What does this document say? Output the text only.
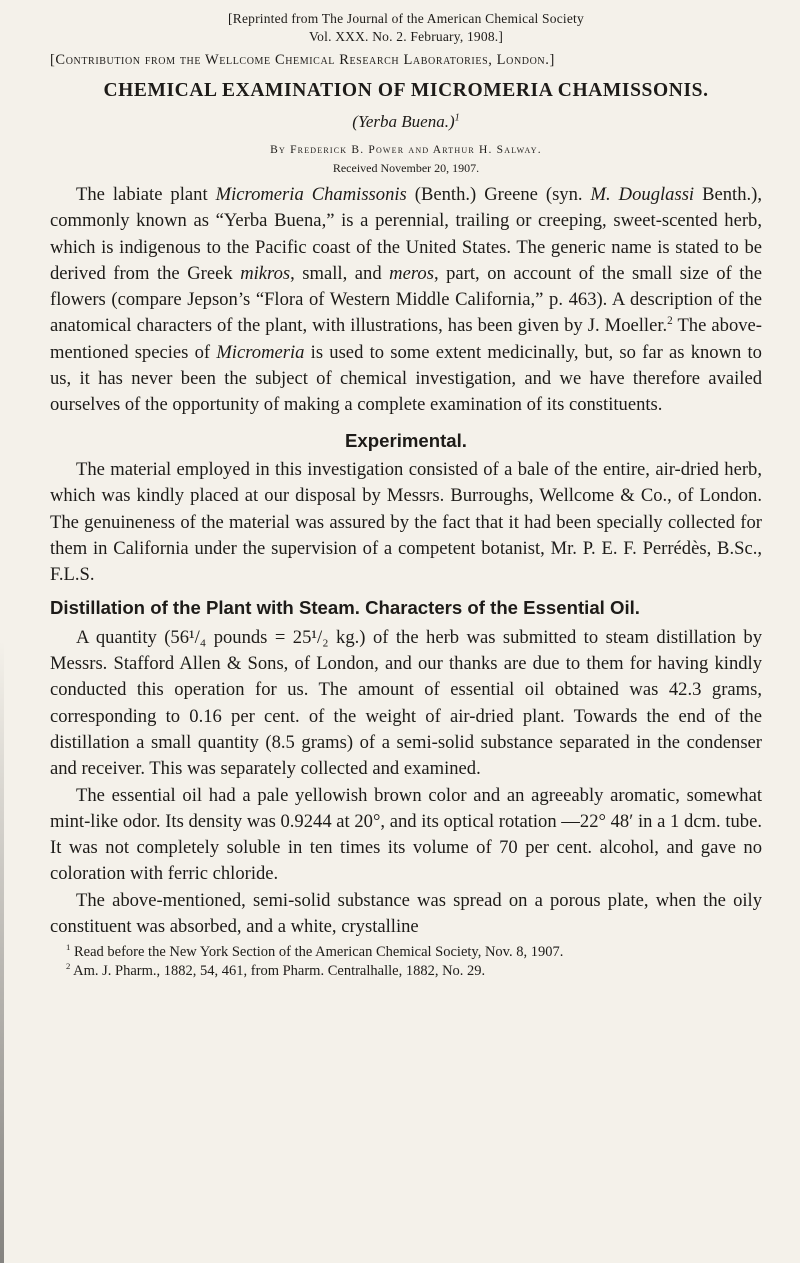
[Reprinted from The Journal of the American Chemical Society
Vol. XXX. No. 2. February, 1908.]
[Contribution from the Wellcome Chemical Research Laboratories, London.]
CHEMICAL EXAMINATION OF MICROMERIA CHAMISSONIS.
(Yerba Buena.)$^1$
By Frederick B. Power and Arthur H. Salway.
Received November 20, 1907.

The labiate plant Micromeria Chamissonis (Benth.) Greene (syn. M. Douglassi Benth.), commonly known as “Yerba Buena,” is a perennial, trailing or creeping, sweet-scented herb, which is indigenous to the Pacific coast of the United States. The generic name is stated to be derived from the Greek mikros, small, and meros, part, on account of the small size of the flowers (compare Jepson’s “Flora of Western Middle California,” p. 463). A description of the anatomical characters of the plant, with illustrations, has been given by J. Moeller.$^2$ The above-mentioned species of Micromeria is used to some extent medicinally, but, so far as known to us, it has never been the subject of chemical investigation, and we have therefore availed ourselves of the opportunity of making a complete examination of its constituents.

Experimental.

The material employed in this investigation consisted of a bale of the entire, air-dried herb, which was kindly placed at our disposal by Messrs. Burroughs, Wellcome & Co., of London. The genuineness of the material was assured by the fact that it had been specially collected for them in California under the supervision of a competent botanist, Mr. P. E. F. Perrédès, B.Sc., F.L.S.

Distillation of the Plant with Steam. Characters of the Essential Oil.

A quantity (56¹/₄ pounds = 25¹/₂ kg.) of the herb was submitted to steam distillation by Messrs. Stafford Allen & Sons, of London, and our thanks are due to them for having kindly conducted this operation for us. The amount of essential oil obtained was 42.3 grams, corresponding to 0.16 per cent. of the weight of air-dried plant. Towards the end of the distillation a small quantity (8.5 grams) of a semi-solid substance separated in the condenser and receiver. This was separately collected and examined.

The essential oil had a pale yellowish brown color and an agreeably aromatic, somewhat mint-like odor. Its density was 0.9244 at 20°, and its optical rotation —22° 48′ in a 1 dcm. tube. It was not completely soluble in ten times its volume of 70 per cent. alcohol, and gave no coloration with ferric chloride.

The above-mentioned, semi-solid substance was spread on a porous plate, when the oily constituent was absorbed, and a white, crystalline

$^1$ Read before the New York Section of the American Chemical Society, Nov. 8, 1907.

$^2$ Am. J. Pharm., 1882, 54, 461, from Pharm. Centralhalle, 1882, No. 29.
